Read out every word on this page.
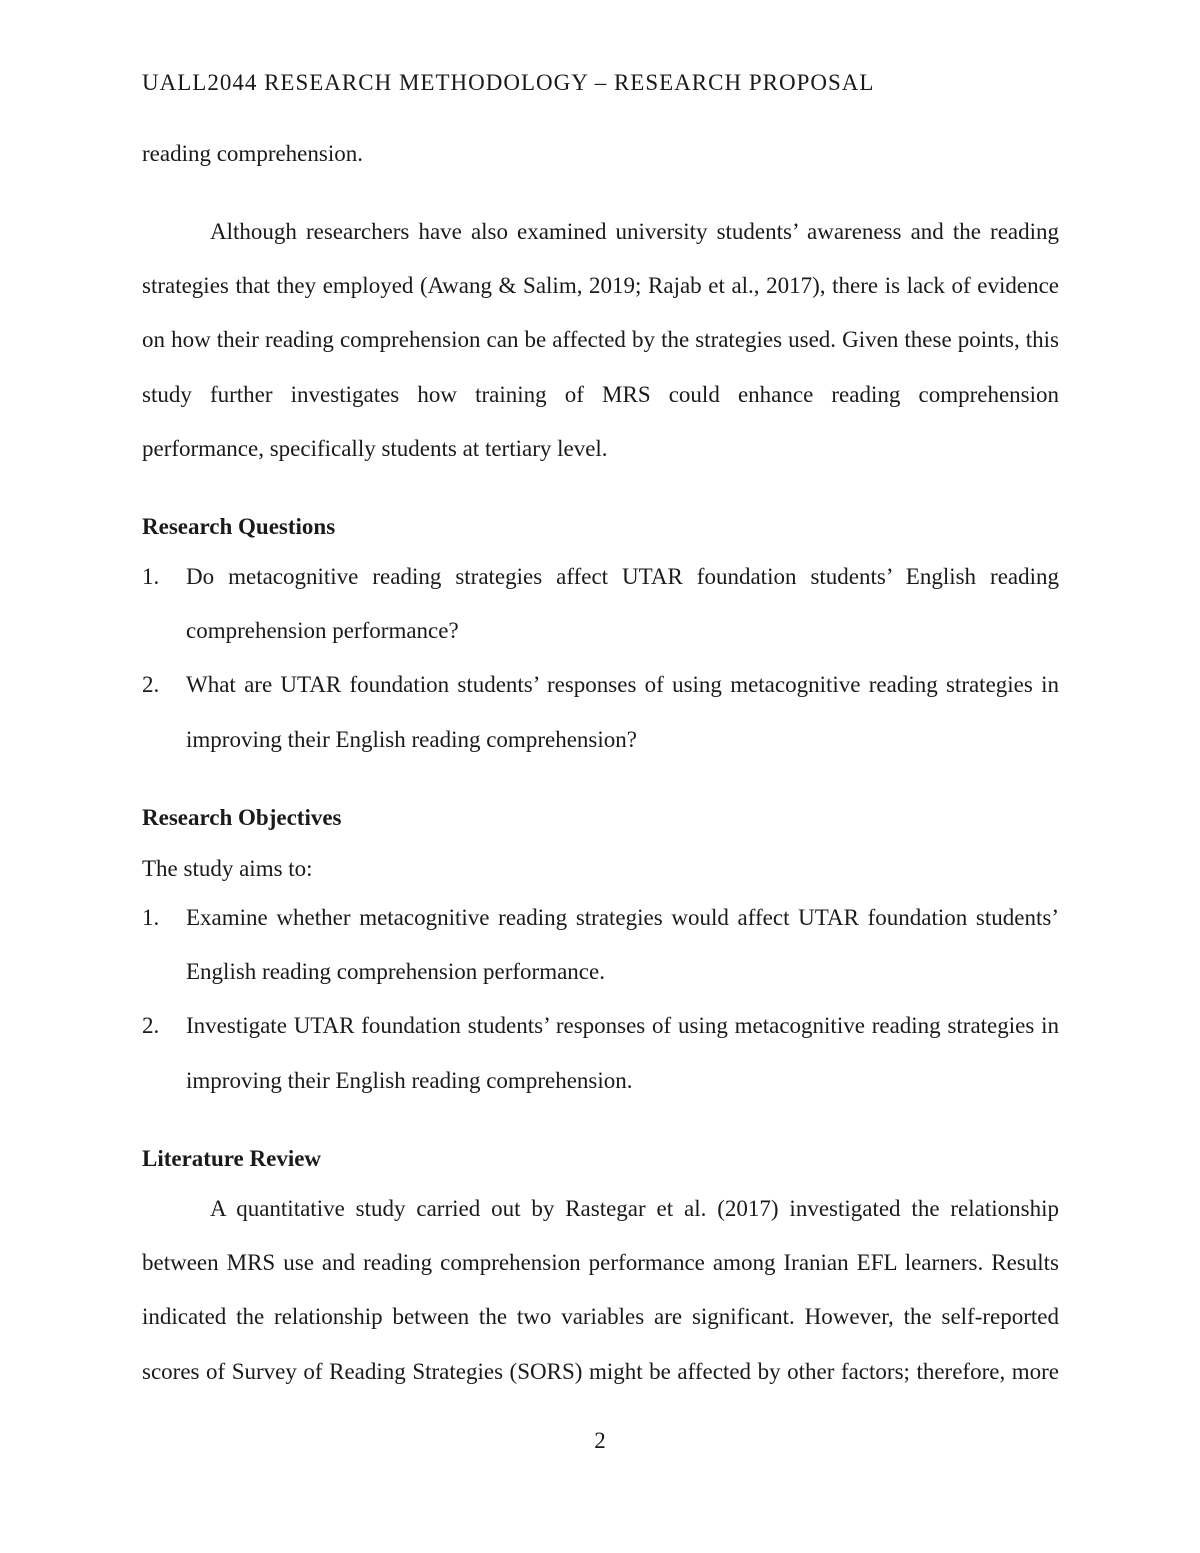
UALL2044 RESEARCH METHODOLOGY – RESEARCH PROPOSAL

reading comprehension.

Although researchers have also examined university students’ awareness and the reading strategies that they employed (Awang & Salim, 2019; Rajab et al., 2017), there is lack of evidence on how their reading comprehension can be affected by the strategies used. Given these points, this study further investigates how training of MRS could enhance reading comprehension performance, specifically students at tertiary level.

Research Questions

1. Do metacognitive reading strategies affect UTAR foundation students’ English reading comprehension performance?
2. What are UTAR foundation students’ responses of using metacognitive reading strategies in improving their English reading comprehension?

Research Objectives

The study aims to:

1. Examine whether metacognitive reading strategies would affect UTAR foundation students’ English reading comprehension performance.
2. Investigate UTAR foundation students’ responses of using metacognitive reading strategies in improving their English reading comprehension.

Literature Review

A quantitative study carried out by Rastegar et al. (2017) investigated the relationship between MRS use and reading comprehension performance among Iranian EFL learners. Results indicated the relationship between the two variables are significant. However, the self-reported scores of Survey of Reading Strategies (SORS) might be affected by other factors; therefore, more

2
